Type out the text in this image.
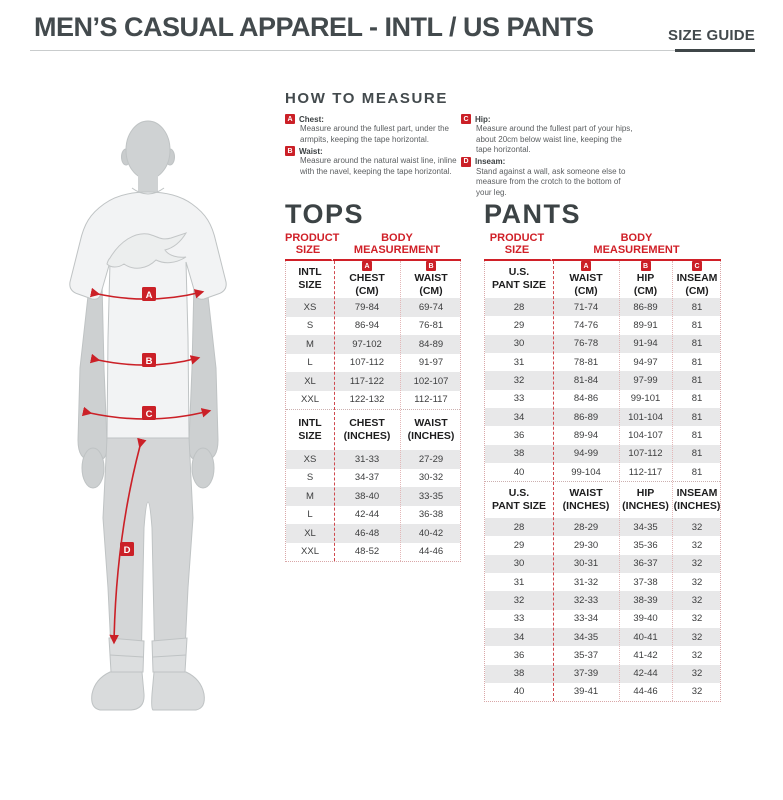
MEN’S CASUAL APPAREL - INTL / US PANTS	SIZE GUIDE
A
B
C
D
HOW TO MEASURE
A Chest:
Measure around the fullest part, under the armpits, keeping the tape horizontal.
B Waist:
Measure around the natural waist line, inline with the navel, keeping the tape horizontal.
C Hip:
Measure around the fullest part of your hips, about 20cm below waist line, keeping the tape horizontal.
D Inseam:
Stand against a wall, ask someone else to measure from the crotch to the bottom of your leg.
TOPS
PRODUCT
SIZE
BODY
MEASUREMENT
INTL
SIZE
A
CHEST
(CM)
B
WAIST
(CM)
XS	79-84	69-74
S	86-94	76-81
M	97-102	84-89
L	107-112	91-97
XL	117-122	102-107
XXL	122-132	112-117
INTL
SIZE
CHEST
(INCHES)
WAIST
(INCHES)
XS	31-33	27-29
S	34-37	30-32
M	38-40	33-35
L	42-44	36-38
XL	46-48	40-42
XXL	48-52	44-46
PANTS
PRODUCT
SIZE
BODY
MEASUREMENT
U.S.
PANT SIZE
A
WAIST
(CM)
B
HIP
(CM)
C
INSEAM
(CM)
28	71-74	86-89	81
29	74-76	89-91	81
30	76-78	91-94	81
31	78-81	94-97	81
32	81-84	97-99	81
33	84-86	99-101	81
34	86-89	101-104	81
36	89-94	104-107	81
38	94-99	107-112	81
40	99-104	112-117	81
U.S.
PANT SIZE
WAIST
(INCHES)
HIP
(INCHES)
INSEAM
(INCHES)
28	28-29	34-35	32
29	29-30	35-36	32
30	30-31	36-37	32
31	31-32	37-38	32
32	32-33	38-39	32
33	33-34	39-40	32
34	34-35	40-41	32
36	35-37	41-42	32
38	37-39	42-44	32
40	39-41	44-46	32
